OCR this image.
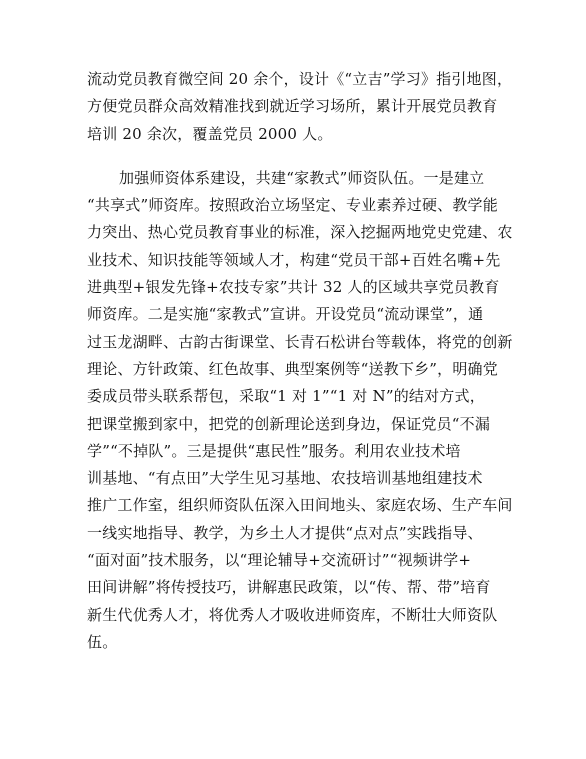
流动党员教育微空间 20 余个，设计《“立吉”学习》指引地图，
方便党员群众高效精准找到就近学习场所，累计开展党员教育
培训 20 余次，覆盖党员 2000 人。
加强师资体系建设，共建“家教式”师资队伍。一是建立
“共享式”师资库。按照政治立场坚定、专业素养过硬、教学能
力突出、热心党员教育事业的标准，深入挖掘两地党史党建、农
业技术、知识技能等领域人才，构建“党员干部+百姓名嘴+先
进典型+银发先锋+农技专家”共计 32 人的区域共享党员教育
师资库。二是实施“家教式”宣讲。开设党员“流动课堂”，通
过玉龙湖畔、古韵古街课堂、长青石松讲台等载体，将党的创新
理论、方针政策、红色故事、典型案例等“送教下乡”，明确党
委成员带头联系帮包，采取“1 对 1”“1 对 N”的结对方式，
把课堂搬到家中，把党的创新理论送到身边，保证党员“不漏
学”“不掉队”。三是提供“惠民性”服务。利用农业技术培
训基地、“有点田”大学生见习基地、农技培训基地组建技术
推广工作室，组织师资队伍深入田间地头、家庭农场、生产车间
一线实地指导、教学，为乡土人才提供“点对点”实践指导、
“面对面”技术服务，以“理论辅导+交流研讨”“视频讲学+
田间讲解”将传授技巧，讲解惠民政策，以“传、帮、带”培育
新生代优秀人才，将优秀人才吸收进师资库，不断壮大师资队
伍。
